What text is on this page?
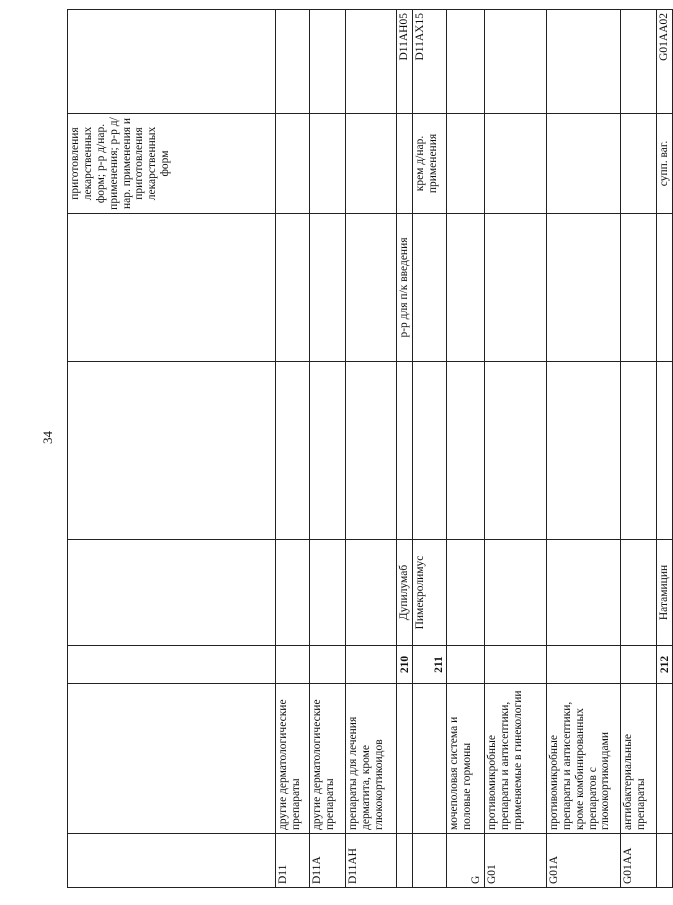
34
						приготовления лекарственных форм; р-р д/нар. применения; р-р д/нар. применения и приготовления лекарственных форм	
D11	другие дерматологические препараты						
D11A	другие дерматологические препараты						
D11AH	препараты для лечения дерматита, кроме глюкокортикоидов						
		210	Дупилумаб		р-р для п/к введения		D11AH05
		211	Пимекролимус			крем д/нар. применения	D11AX15
G	мочеполовая система и половые гормоны						
G01	противомикробные препараты и антисептики, применяемые в гинекологии						
G01A	противомикробные препараты и антисептики, кроме комбинированных препаратов с глюкокортикоидами						
G01AA	антибактериальные препараты						
		212	Натамицин			супп. ваг.	G01AA02
